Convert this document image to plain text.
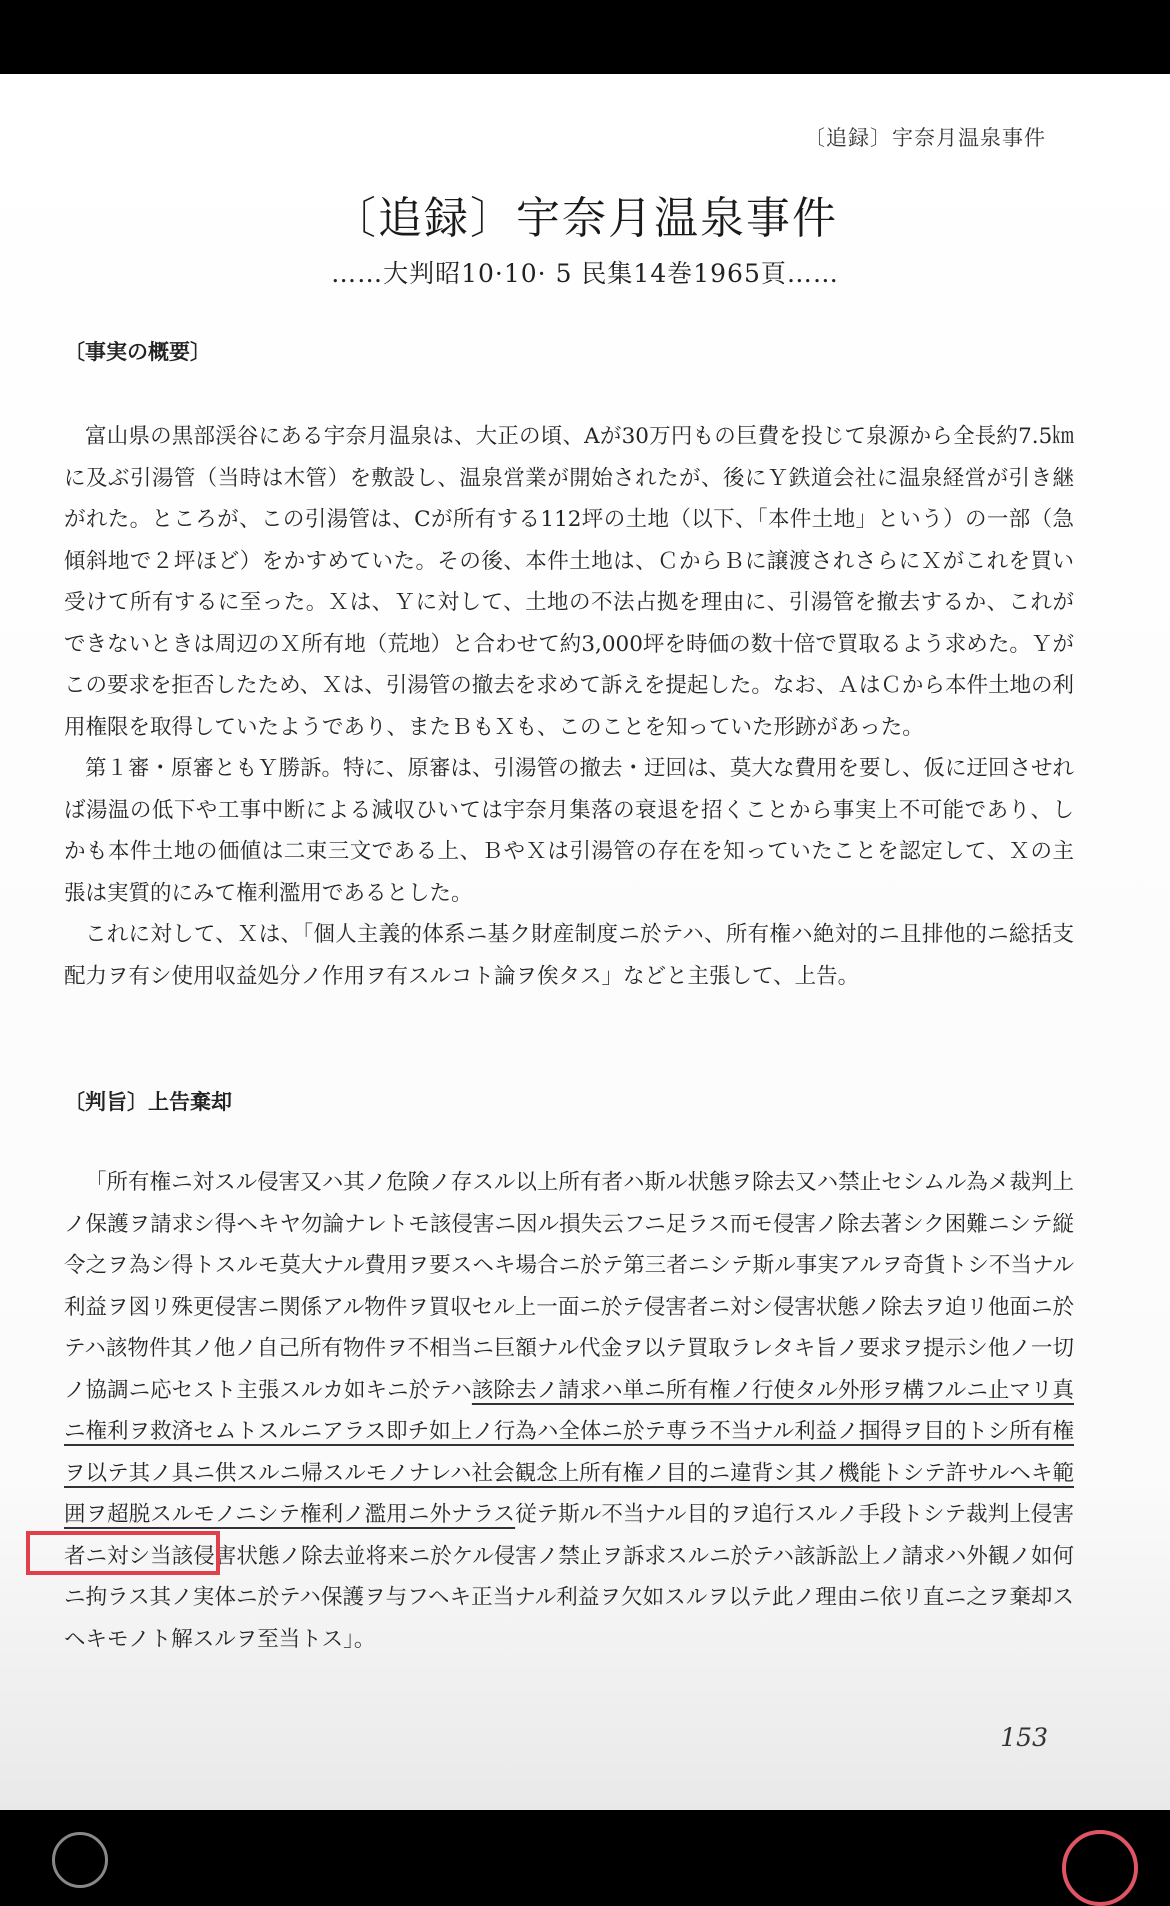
〔追録〕宇奈月温泉事件
〔追録〕宇奈月温泉事件
……大判昭10·10· 5 民集14巻1965頁……
〔事実の概要〕

富山県の黒部渓谷にある宇奈月温泉は、大正の頃、Aが30万円もの巨費を投じて泉源から全長約7.5㎞に及ぶ引湯管（当時は木管）を敷設し、温泉営業が開始されたが、後にＹ鉄道会社に温泉経営が引き継がれた。ところが、この引湯管は、Cが所有する112坪の土地（以下、「本件土地」という）の一部（急傾斜地で２坪ほど）をかすめていた。その後、本件土地は、ＣからＢに譲渡されさらにＸがこれを買い受けて所有するに至った。Ｘは、Ｙに対して、土地の不法占拠を理由に、引湯管を撤去するか、これができないときは周辺のＸ所有地（荒地）と合わせて約3,000坪を時価の数十倍で買取るよう求めた。Ｙがこの要求を拒否したため、Ｘは、引湯管の撤去を求めて訴えを提起した。なお、ＡはＣから本件土地の利用権限を取得していたようであり、またＢもＸも、このことを知っていた形跡があった。

第１審・原審ともＹ勝訴。特に、原審は、引湯管の撤去・迂回は、莫大な費用を要し、仮に迂回させれば湯温の低下や工事中断による減収ひいては宇奈月集落の衰退を招くことから事実上不可能であり、しかも本件土地の価値は二束三文である上、ＢやＸは引湯管の存在を知っていたことを認定して、Ｘの主張は実質的にみて権利濫用であるとした。

これに対して、Ｘは、「個人主義的体系ニ基ク財産制度ニ於テハ、所有権ハ絶対的ニ且排他的ニ総括支配力ヲ有シ使用収益処分ノ作用ヲ有スルコト論ヲ俟タス」などと主張して、上告。

〔判旨〕上告棄却

「所有権ニ対スル侵害又ハ其ノ危険ノ存スル以上所有者ハ斯ル状態ヲ除去又ハ禁止セシムル為メ裁判上ノ保護ヲ請求シ得ヘキヤ勿論ナレトモ該侵害ニ因ル損失云フニ足ラス而モ侵害ノ除去著シク困難ニシテ縦令之ヲ為シ得トスルモ莫大ナル費用ヲ要スヘキ場合ニ於テ第三者ニシテ斯ル事実アルヲ奇貨トシ不当ナル利益ヲ図リ殊更侵害ニ関係アル物件ヲ買収セル上一面ニ於テ侵害者ニ対シ侵害状態ノ除去ヲ迫リ他面ニ於テハ該物件其ノ他ノ自己所有物件ヲ不相当ニ巨額ナル代金ヲ以テ買取ラレタキ旨ノ要求ヲ提示シ他ノ一切ノ協調ニ応セスト主張スルカ如キニ於テハ該除去ノ請求ハ単ニ所有権ノ行使タル外形ヲ構フルニ止マリ真ニ権利ヲ救済セムトスルニアラス即チ如上ノ行為ハ全体ニ於テ専ラ不当ナル利益ノ掴得ヲ目的トシ所有権ヲ以テ其ノ具ニ供スルニ帰スルモノナレハ社会観念上所有権ノ目的ニ違背シ其ノ機能トシテ許サルヘキ範囲ヲ超脱スルモノニシテ権利ノ濫用ニ外ナラス従テ斯ル不当ナル目的ヲ追行スルノ手段トシテ裁判上侵害者ニ対シ当該侵害状態ノ除去並将来ニ於ケル侵害ノ禁止ヲ訴求スルニ於テハ該訴訟上ノ請求ハ外観ノ如何ニ拘ラス其ノ実体ニ於テハ保護ヲ与フヘキ正当ナル利益ヲ欠如スルヲ以テ此ノ理由ニ依リ直ニ之ヲ棄却スヘキモノト解スルヲ至当トス」。

153
